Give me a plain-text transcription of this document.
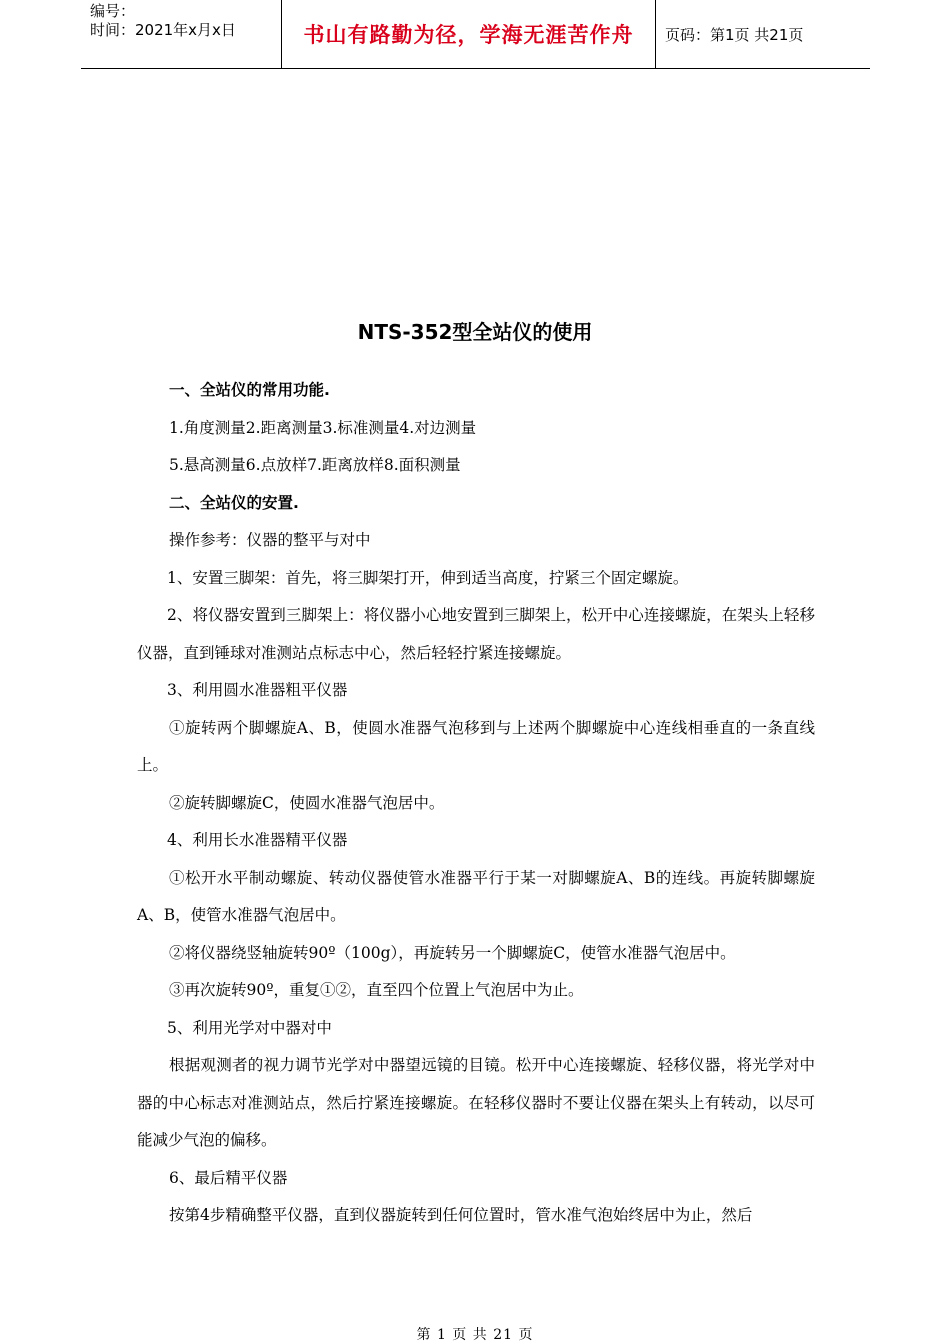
编号：
时间：2021年x月x日	书山有路勤为径，学海无涯苦作舟	页码：第1页 共21页
NTS-352型全站仪的使用

一、全站仪的常用功能.

1.角度测量2.距离测量3.标准测量4.对边测量

5.悬高测量6.点放样7.距离放样8.面积测量

二、全站仪的安置.

操作参考：仪器的整平与对中

1、安置三脚架：首先，将三脚架打开，伸到适当高度，拧紧三个固定螺旋。

2、将仪器安置到三脚架上：将仪器小心地安置到三脚架上，松开中心连接螺旋，在架头上轻移仪器，直到锤球对准测站点标志中心，然后轻轻拧紧连接螺旋。

3、利用圆水准器粗平仪器

①旋转两个脚螺旋A、B，使圆水准器气泡移到与上述两个脚螺旋中心连线相垂直的一条直线上。

②旋转脚螺旋C，使圆水准器气泡居中。

4、利用长水准器精平仪器

①松开水平制动螺旋、转动仪器使管水准器平行于某一对脚螺旋A、B的连线。再旋转脚螺旋A、B，使管水准器气泡居中。

②将仪器绕竖轴旋转90º（100g），再旋转另一个脚螺旋C，使管水准器气泡居中。

③再次旋转90º，重复①②，直至四个位置上气泡居中为止。

5、利用光学对中器对中

根据观测者的视力调节光学对中器望远镜的目镜。松开中心连接螺旋、轻移仪器，将光学对中器的中心标志对准测站点，然后拧紧连接螺旋。在轻移仪器时不要让仪器在架头上有转动，以尽可能减少气泡的偏移。

6、最后精平仪器

按第4步精确整平仪器，直到仪器旋转到任何位置时，管水准气泡始终居中为止，然后

第 1 页 共 21 页
